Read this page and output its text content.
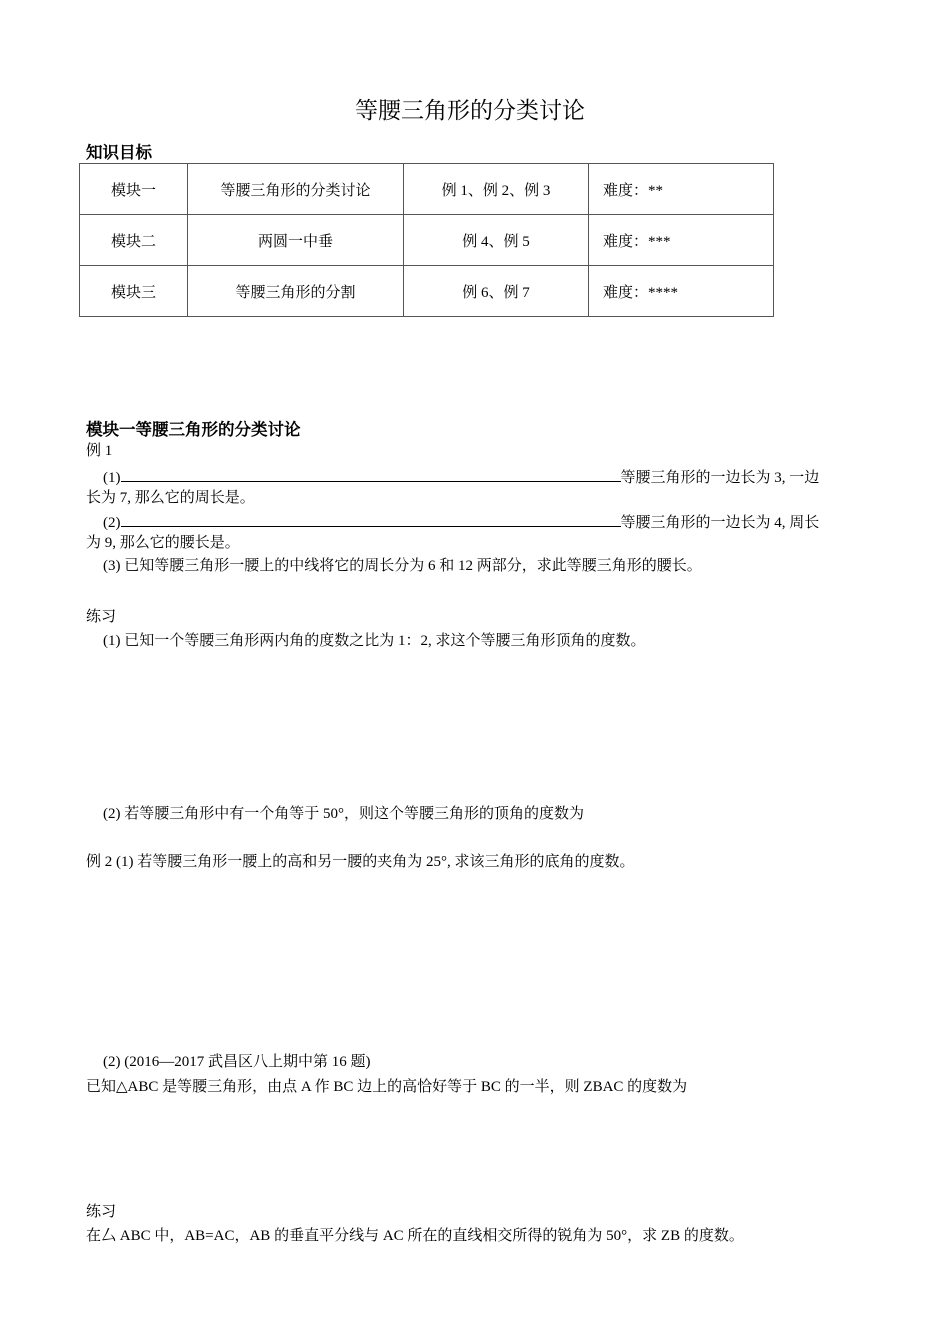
等腰三角形的分类讨论
知识目标
模块一	等腰三角形的分类讨论	例 1、例 2、例 3	难度：**
模块二	两圆一中垂	例 4、例 5	难度：***
模块三	等腰三角形的分割	例 6、例 7	难度：****
模块一等腰三角形的分类讨论
例 1
(1)	等腰三角形的一边长为 3, 一边
长为 7, 那么它的周长是。
(2)	等腰三角形的一边长为 4, 周长
为 9, 那么它的腰长是。
(3) 已知等腰三角形一腰上的中线将它的周长分为 6 和 12 两部分，求此等腰三角形的腰长。
练习
(1) 已知一个等腰三角形两内角的度数之比为 1：2, 求这个等腰三角形顶角的度数。
(2) 若等腰三角形中有一个角等于 50°，则这个等腰三角形的顶角的度数为
例 2 (1) 若等腰三角形一腰上的高和另一腰的夹角为 25°, 求该三角形的底角的度数。
(2) (2016—2017 武昌区八上期中第 16 题)
已知△ABC 是等腰三角形，由点 A 作 BC 边上的高恰好等于 BC 的一半，则 ZBAC 的度数为
练习
在厶 ABC 中，AB=AC，AB 的垂直平分线与 AC 所在的直线相交所得的锐角为 50°，求 ZB 的度数。
